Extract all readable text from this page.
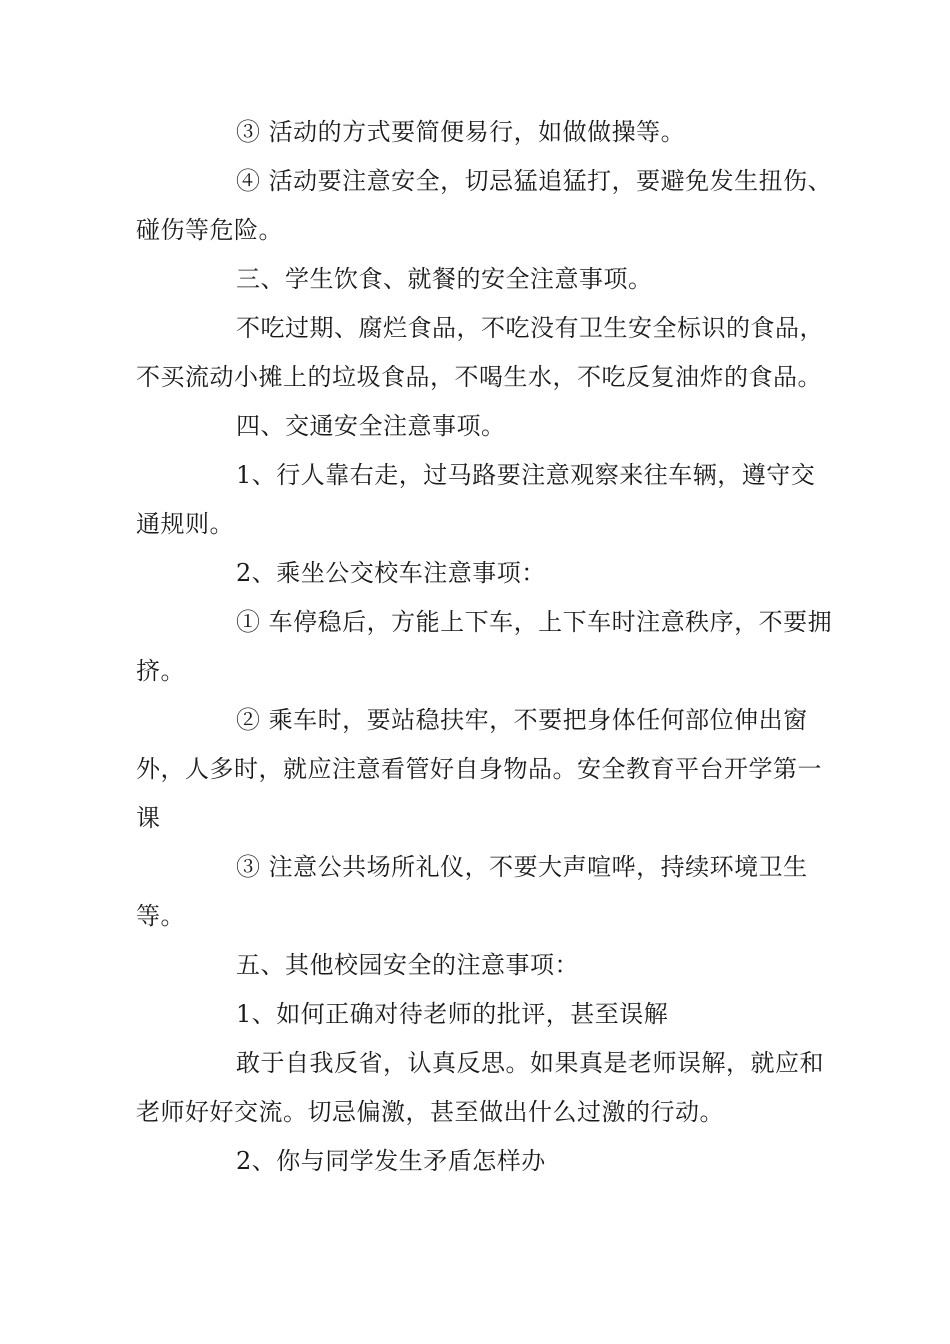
③ 活动的方式要简便易行，如做做操等。

④ 活动要注意安全，切忌猛追猛打，要避免发生扭伤、碰伤等危险。

三、学生饮食、就餐的安全注意事项。

不吃过期、腐烂食品，不吃没有卫生安全标识的食品，不买流动小摊上的垃圾食品，不喝生水，不吃反复油炸的食品。

四、交通安全注意事项。

1、行人靠右走，过马路要注意观察来往车辆，遵守交通规则。

2、乘坐公交校车注意事项：

① 车停稳后，方能上下车，上下车时注意秩序，不要拥挤。

② 乘车时，要站稳扶牢，不要把身体任何部位伸出窗外，人多时，就应注意看管好自身物品。安全教育平台开学第一课

③ 注意公共场所礼仪，不要大声喧哗，持续环境卫生等。

五、其他校园安全的注意事项：

1、如何正确对待老师的批评，甚至误解

敢于自我反省，认真反思。如果真是老师误解，就应和老师好好交流。切忌偏激，甚至做出什么过激的行动。

2、你与同学发生矛盾怎样办
